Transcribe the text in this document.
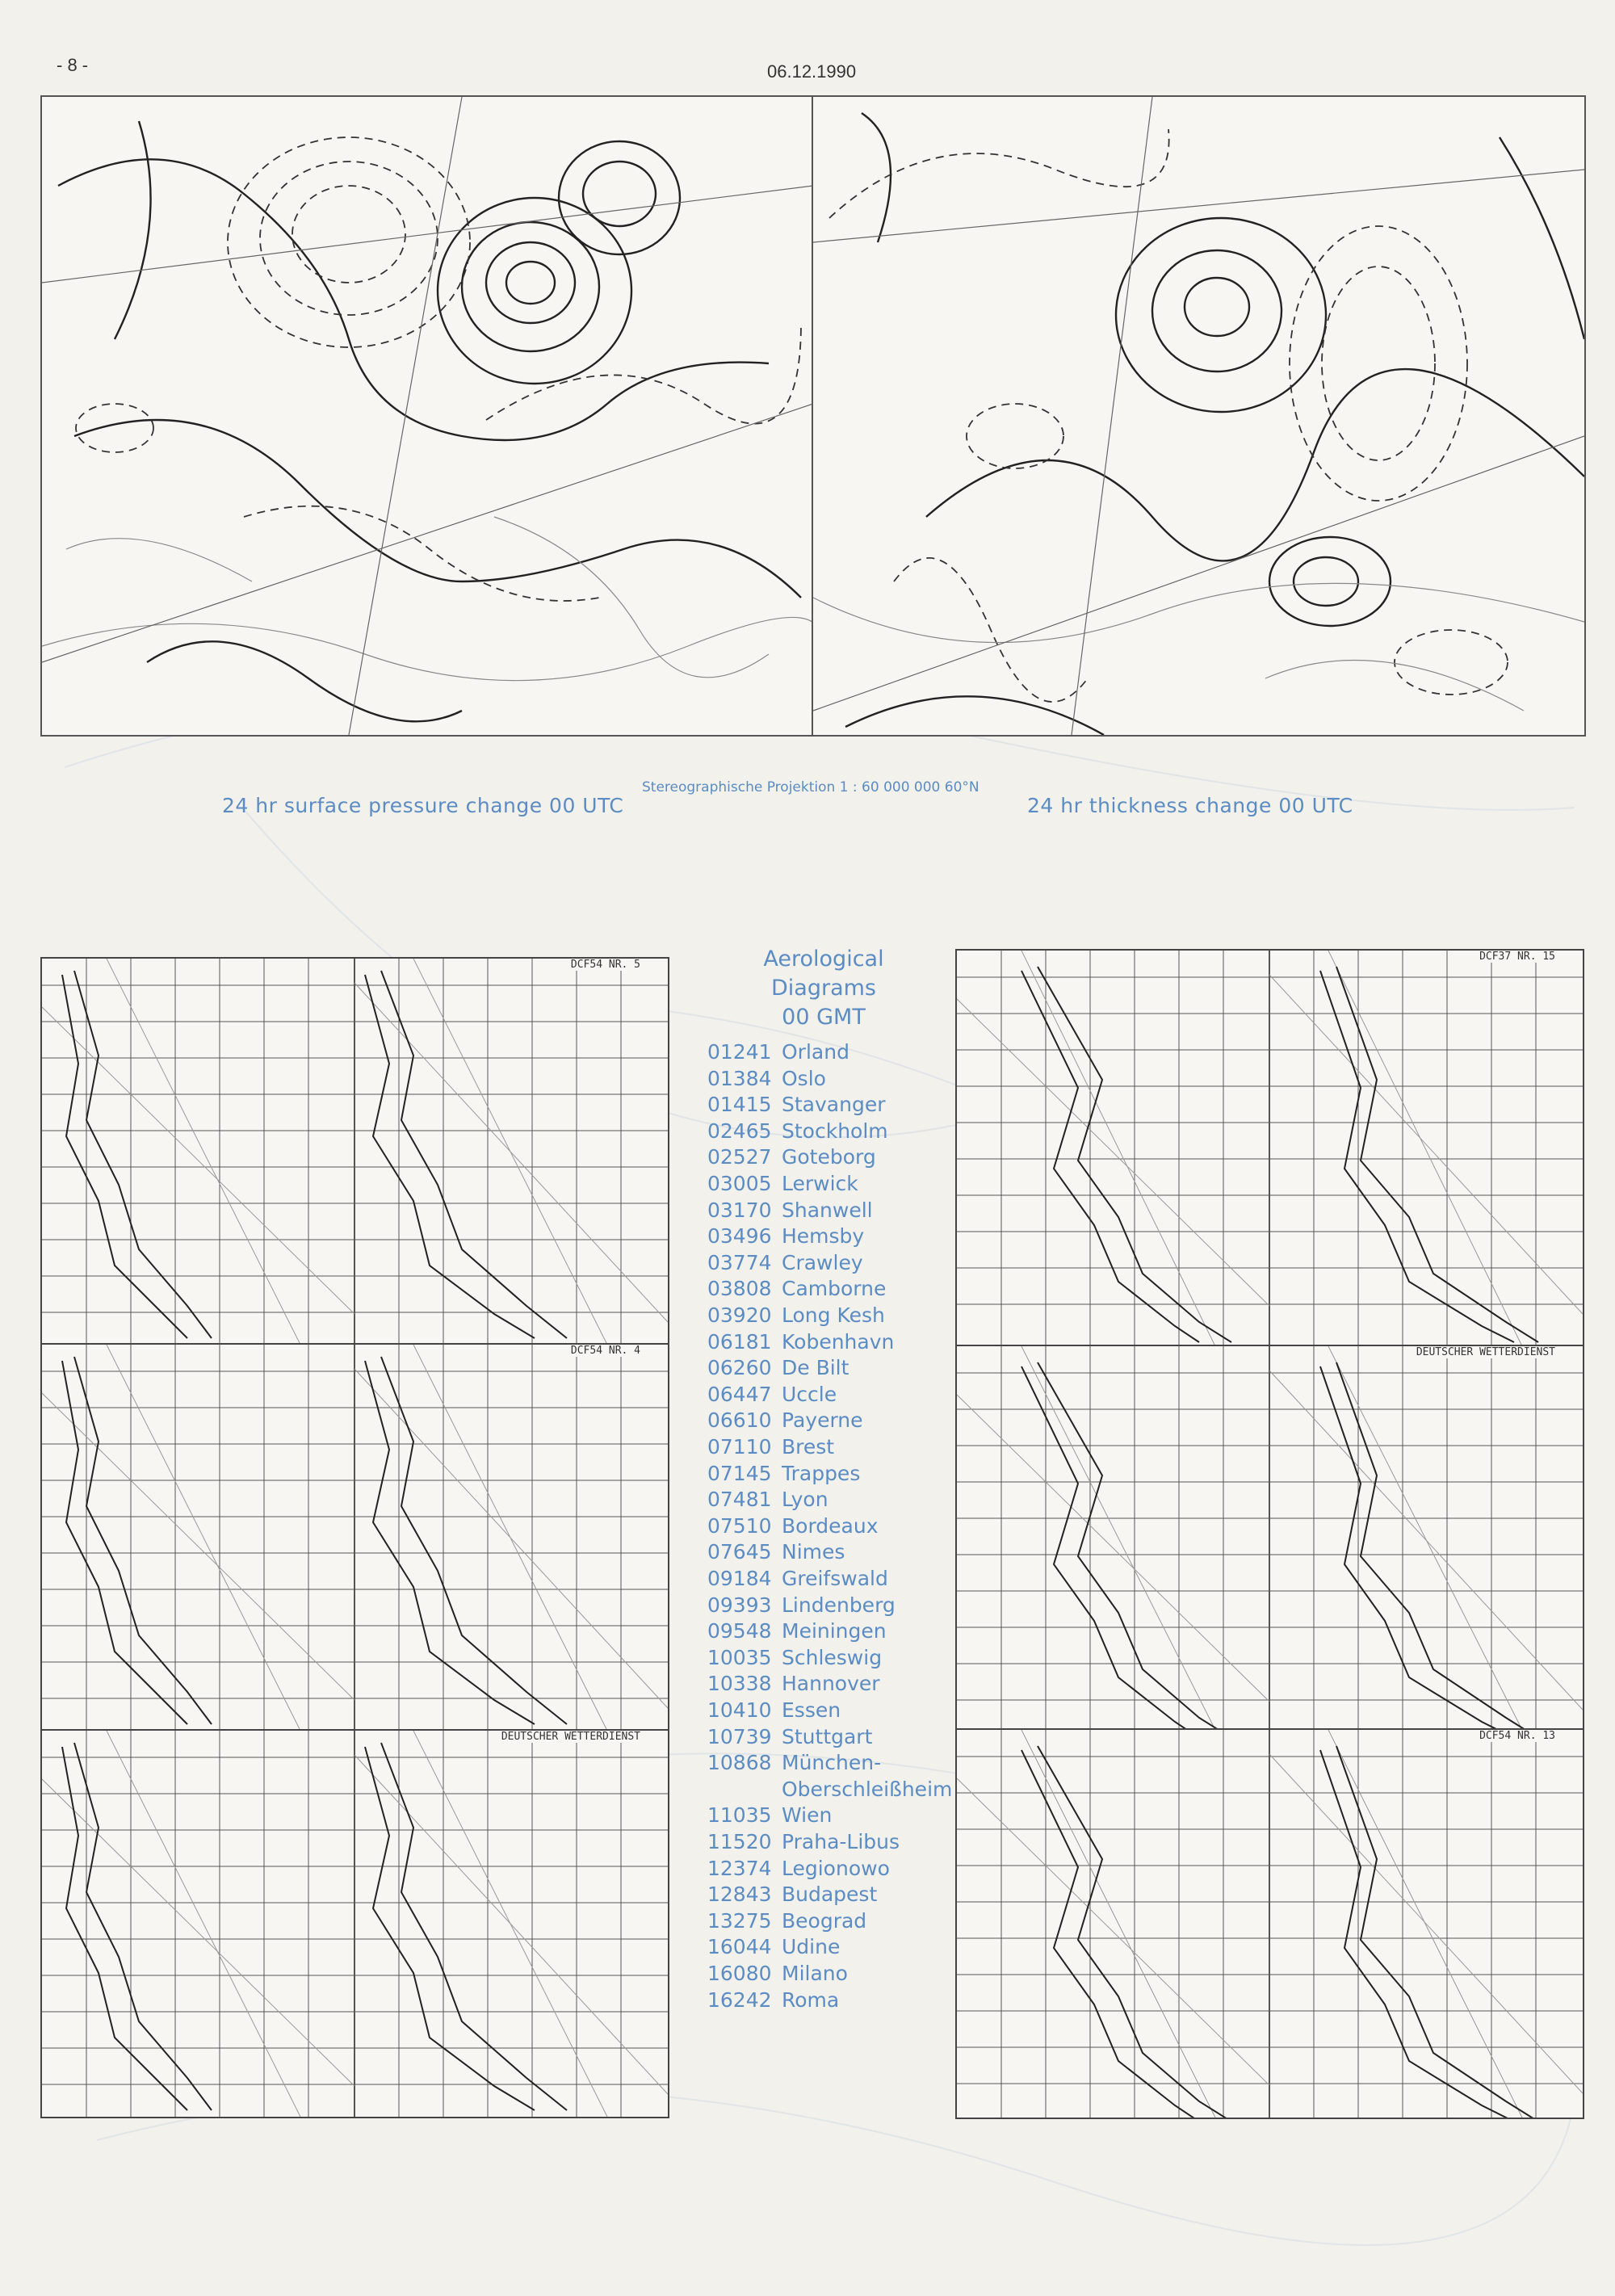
- 8 -	06.12.1990
24 hr surface pressure change 00 UTC
Stereographische Projektion 1 : 60 000 000 60°N
24 hr thickness change 00 UTC
DCF54 NR. 5
DCF54 NR. 4
DEUTSCHER WETTERDIENST
DCF37 NR. 15
DEUTSCHER WETTERDIENST
DCF54 NR. 13
Aerological
Diagrams
00 GMT
01241 Orland
01384 Oslo
01415 Stavanger
02465 Stockholm
02527 Goteborg
03005 Lerwick
03170 Shanwell
03496 Hemsby
03774 Crawley
03808 Camborne
03920 Long Kesh
06181 Kobenhavn
06260 De Bilt
06447 Uccle
06610 Payerne
07110 Brest
07145 Trappes
07481 Lyon
07510 Bordeaux
07645 Nimes
09184 Greifswald
09393 Lindenberg
09548 Meiningen
10035 Schleswig
10338 Hannover
10410 Essen
10739 Stuttgart
10868 München-
Oberschleißheim
11035 Wien
11520 Praha-Libus
12374 Legionowo
12843 Budapest
13275 Beograd
16044 Udine
16080 Milano
16242 Roma
